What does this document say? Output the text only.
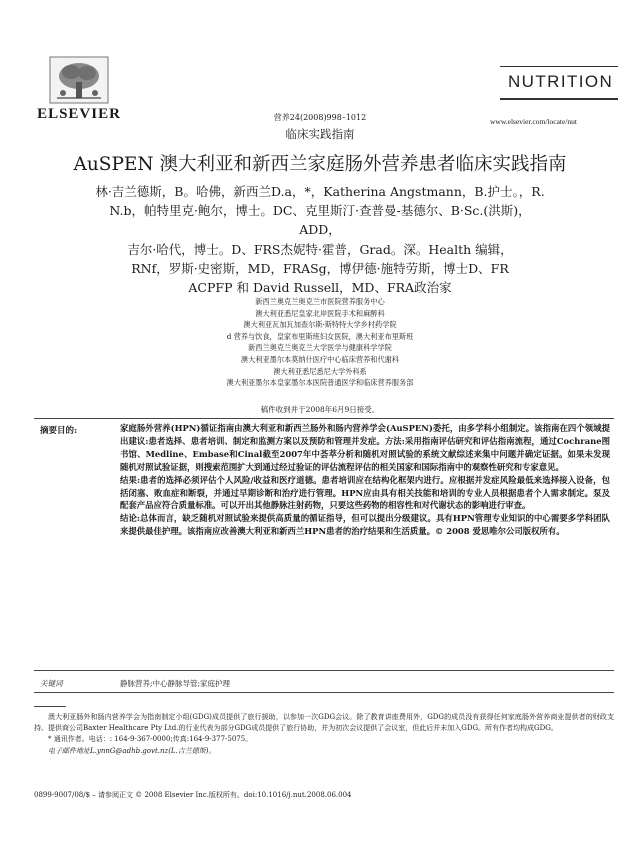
ELSEVIER
NUTRITION
www.elsevier.com/locate/nut
营养24(2008)998–1012
临床实践指南
AuSPEN 澳大利亚和新西兰家庭肠外营养患者临床实践指南
林·吉兰德斯，B。哈佛，新西兰D.a，*，Katherina Angstmann，B.护士。，R.
N.b，帕特里克·鲍尔，博士。DC、克里斯汀·查普曼-基德尔、B·Sc.(洪斯)，
ADD，
吉尔·哈代，博士。D、FRS杰妮特·霍普，Grad。深。Health 编辑，
RNf，罗斯·史密斯，MD，FRASg，博伊德·施特劳斯，博士D、FR
ACPFP 和 David Russell，MD、FRA政治家
新西兰奥克兰奥克兰市医院营养服务中心
澳大利亚悉尼皇家北岸医院手术和麻醉科
澳大利亚瓦加瓦加查尔斯·斯特特大学乡村药学院
d 营养与饮食，皇家布里斯班妇女医院，澳大利亚布里斯班
新西兰奥克兰奥克兰大学医学与健康科学学院
澳大利亚墨尔本莫纳什医疗中心临床营养和代谢科
澳大利亚悉尼悉尼大学外科系
澳大利亚墨尔本皇家墨尔本医院普通医学和临床营养服务部
稿件收到并于2008年6月9日接受。
摘要目的:	家庭肠外营养(HPN)循证指南由澳大利亚和新西兰肠外和肠内营养学会(AuSPEN)委托，由多学科小组制定。该指南在四个领域提出建议:患者选择、患者培训、制定和监测方案以及预防和管理并发症。方法:采用指南评估研究和评估指南流程，通过Cochrane图书馆、Medline、Embase和Cinal截至2007年中荟萃分析和随机对照试验的系统文献综述来集中问题并确定证据。如果未发现随机对照试验证据，则搜索范围扩大到通过经过验证的评估流程评估的相关国家和国际指南中的观察性研究和专家意见。

结果:患者的选择必须评估个人风险/收益和医疗道德。患者培训应在结构化框架内进行。应根据并发症风险最低来选择接入设备，包括闭塞、败血症和断裂，并通过早期诊断和治疗进行管理。HPN应由具有相关技能和培训的专业人员根据患者个人需求制定。泵及配套产品应符合质量标准。可以开出其他静脉注射药物，只要这些药物的相容性和对代谢状态的影响进行审查。

结论:总体而言，缺乏随机对照试验来提供高质量的循证指导，但可以提出分级建议。具有HPN管理专业知识的中心需要多学科团队来提供最佳护理。该指南应改善澳大利亚和新西兰HPN患者的治疗结果和生活质量。© 2008 爱思唯尔公司版权所有。

关键词	静脉营养;中心静脉导管;家庭护理

澳大利亚肠外和肠内营养学会为指南制定小组(GDG)成员提供了旅行援助，以参加一次GDG会议。除了教育讲座费用外，GDG的成员没有获得任何家庭肠外营养商业提供者的财政支持。提供商公司Baxter Healthcare Pty Ltd.的行业代表为部分GDG成员提供了旅行协助，并为初次会议提供了会议室，但此后并未加入GDG。所有作者均构成GDG。

* 通讯作者。电话：: 164-9-367-0000;传真:164-9-377-5075。

电子邮件地址L.ynnG@adhb.govt.nz(L.吉兰德斯)。

0899-9007/08/$ – 请参阅正文 © 2008 Elsevier Inc.版权所有。doi:10.1016/j.nut.2008.06.004
